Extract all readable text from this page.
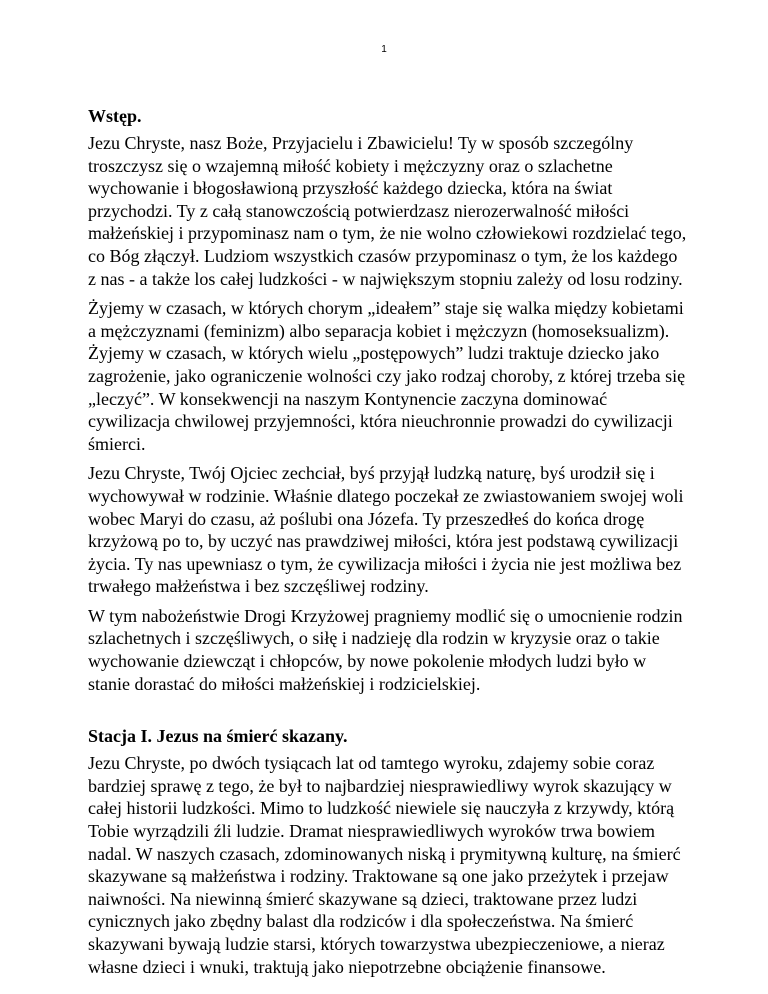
1
Wstęp.

Jezu Chryste, nasz Boże, Przyjacielu i Zbawicielu! Ty w sposób szczególny troszczysz się o wzajemną miłość kobiety i mężczyzny oraz o szlachetne wychowanie i błogosławioną przyszłość każdego dziecka, która na świat przychodzi. Ty z całą stanowczością potwierdzasz nierozerwalność miłości małżeńskiej i przypominasz nam o tym, że nie wolno człowiekowi rozdzielać tego, co Bóg złączył. Ludziom wszystkich czasów przypominasz o tym, że los każdego z nas - a także los całej ludzkości - w największym stopniu zależy od losu rodziny.

Żyjemy w czasach, w których chorym „ideałem” staje się walka między kobietami a mężczyznami (feminizm) albo separacja kobiet i mężczyzn (homoseksualizm). Żyjemy w czasach, w których wielu „postępowych” ludzi traktuje dziecko jako zagrożenie, jako ograniczenie wolności czy jako rodzaj choroby, z której trzeba się „leczyć”. W konsekwencji na naszym Kontynencie zaczyna dominować cywilizacja chwilowej przyjemności, która nieuchronnie prowadzi do cywilizacji śmierci.

Jezu Chryste, Twój Ojciec zechciał, byś przyjął ludzką naturę, byś urodził się i wychowywał w rodzinie. Właśnie dlatego poczekał ze zwiastowaniem swojej woli wobec Maryi do czasu, aż poślubi ona Józefa. Ty przeszedłeś do końca drogę krzyżową po to, by uczyć nas prawdziwej miłości, która jest podstawą cywilizacji życia. Ty nas upewniasz o tym, że cywilizacja miłości i życia nie jest możliwa bez trwałego małżeństwa i bez szczęśliwej rodziny.

W tym nabożeństwie Drogi Krzyżowej pragniemy modlić się o umocnienie rodzin szlachetnych i szczęśliwych, o siłę i nadzieję dla rodzin w kryzysie oraz o takie wychowanie dziewcząt i chłopców, by nowe pokolenie młodych ludzi było w stanie dorastać do miłości małżeńskiej i rodzicielskiej.

Stacja I. Jezus na śmierć skazany.

Jezu Chryste, po dwóch tysiącach lat od tamtego wyroku, zdajemy sobie coraz bardziej sprawę z tego, że był to najbardziej niesprawiedliwy wyrok skazujący w całej historii ludzkości. Mimo to ludzkość niewiele się nauczyła z krzywdy, którą Tobie wyrządzili źli ludzie. Dramat niesprawiedliwych wyroków trwa bowiem nadal. W naszych czasach, zdominowanych niską i prymitywną kulturę, na śmierć skazywane są małżeństwa i rodziny. Traktowane są one jako przeżytek i przejaw naiwności. Na niewinną śmierć skazywane są dzieci, traktowane przez ludzi cynicznych jako zbędny balast dla rodziców i dla społeczeństwa. Na śmierć skazywani bywają ludzie starsi, których towarzystwa ubezpieczeniowe, a nieraz własne dzieci i wnuki, traktują jako niepotrzebne obciążenie finansowe.
